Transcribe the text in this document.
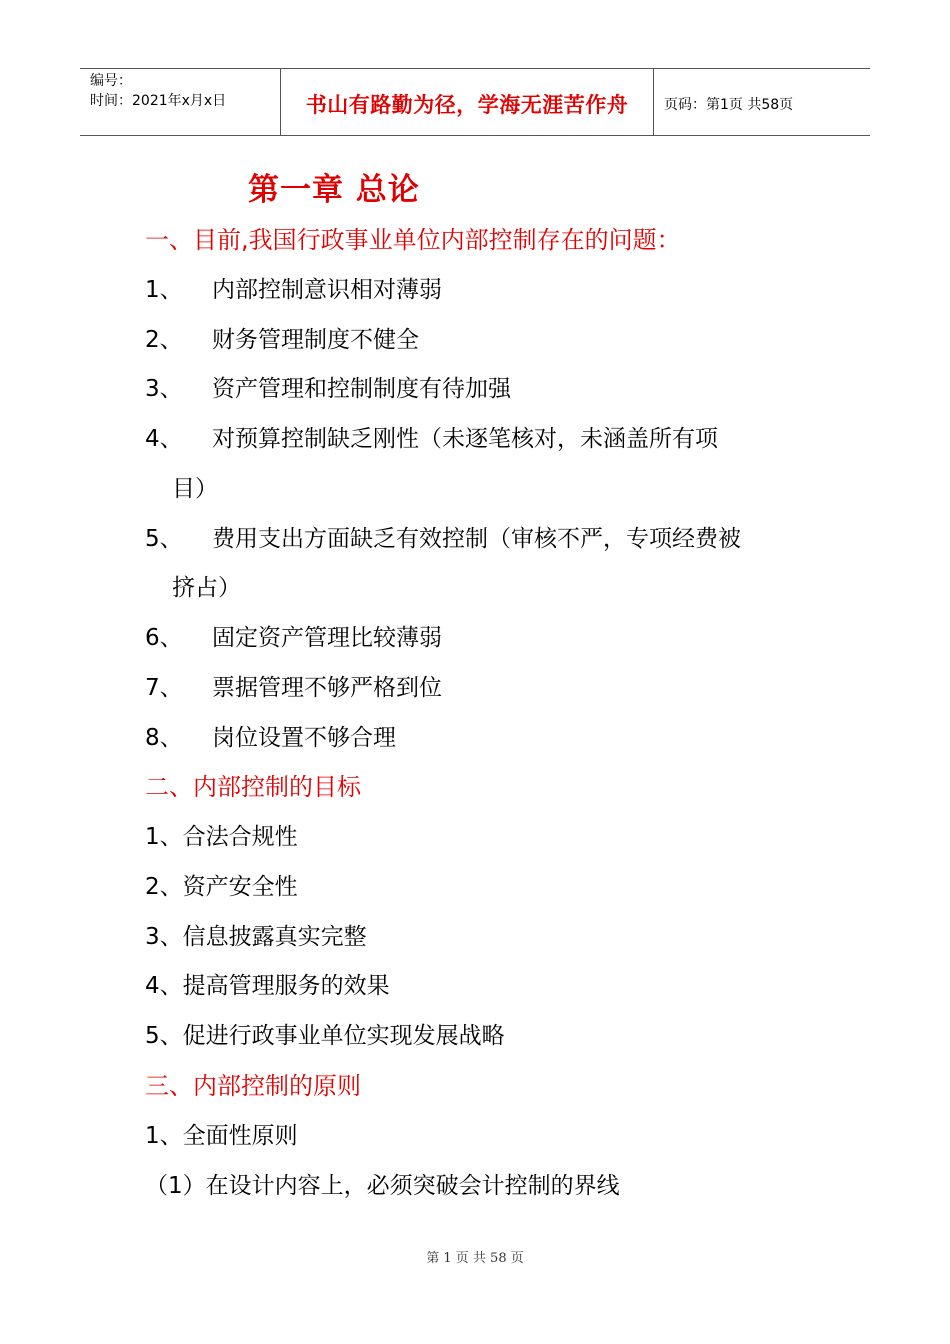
编号：
时间：2021年x月x日	书山有路勤为径，学海无涯苦作舟	页码：第1页 共58页
第一章 总论
一、目前,我国行政事业单位内部控制存在的问题：
1、 内部控制意识相对薄弱
2、 财务管理制度不健全
3、 资产管理和控制制度有待加强
4、 对预算控制缺乏刚性（未逐笔核对，未涵盖所有项
目）
5、 费用支出方面缺乏有效控制（审核不严，专项经费被
挤占）
6、 固定资产管理比较薄弱
7、 票据管理不够严格到位
8、 岗位设置不够合理
二、内部控制的目标
1、合法合规性
2、资产安全性
3、信息披露真实完整
4、提高管理服务的效果
5、促进行政事业单位实现发展战略
三、内部控制的原则
1、全面性原则
（1）在设计内容上，必须突破会计控制的界线
第 1 页 共 58 页
